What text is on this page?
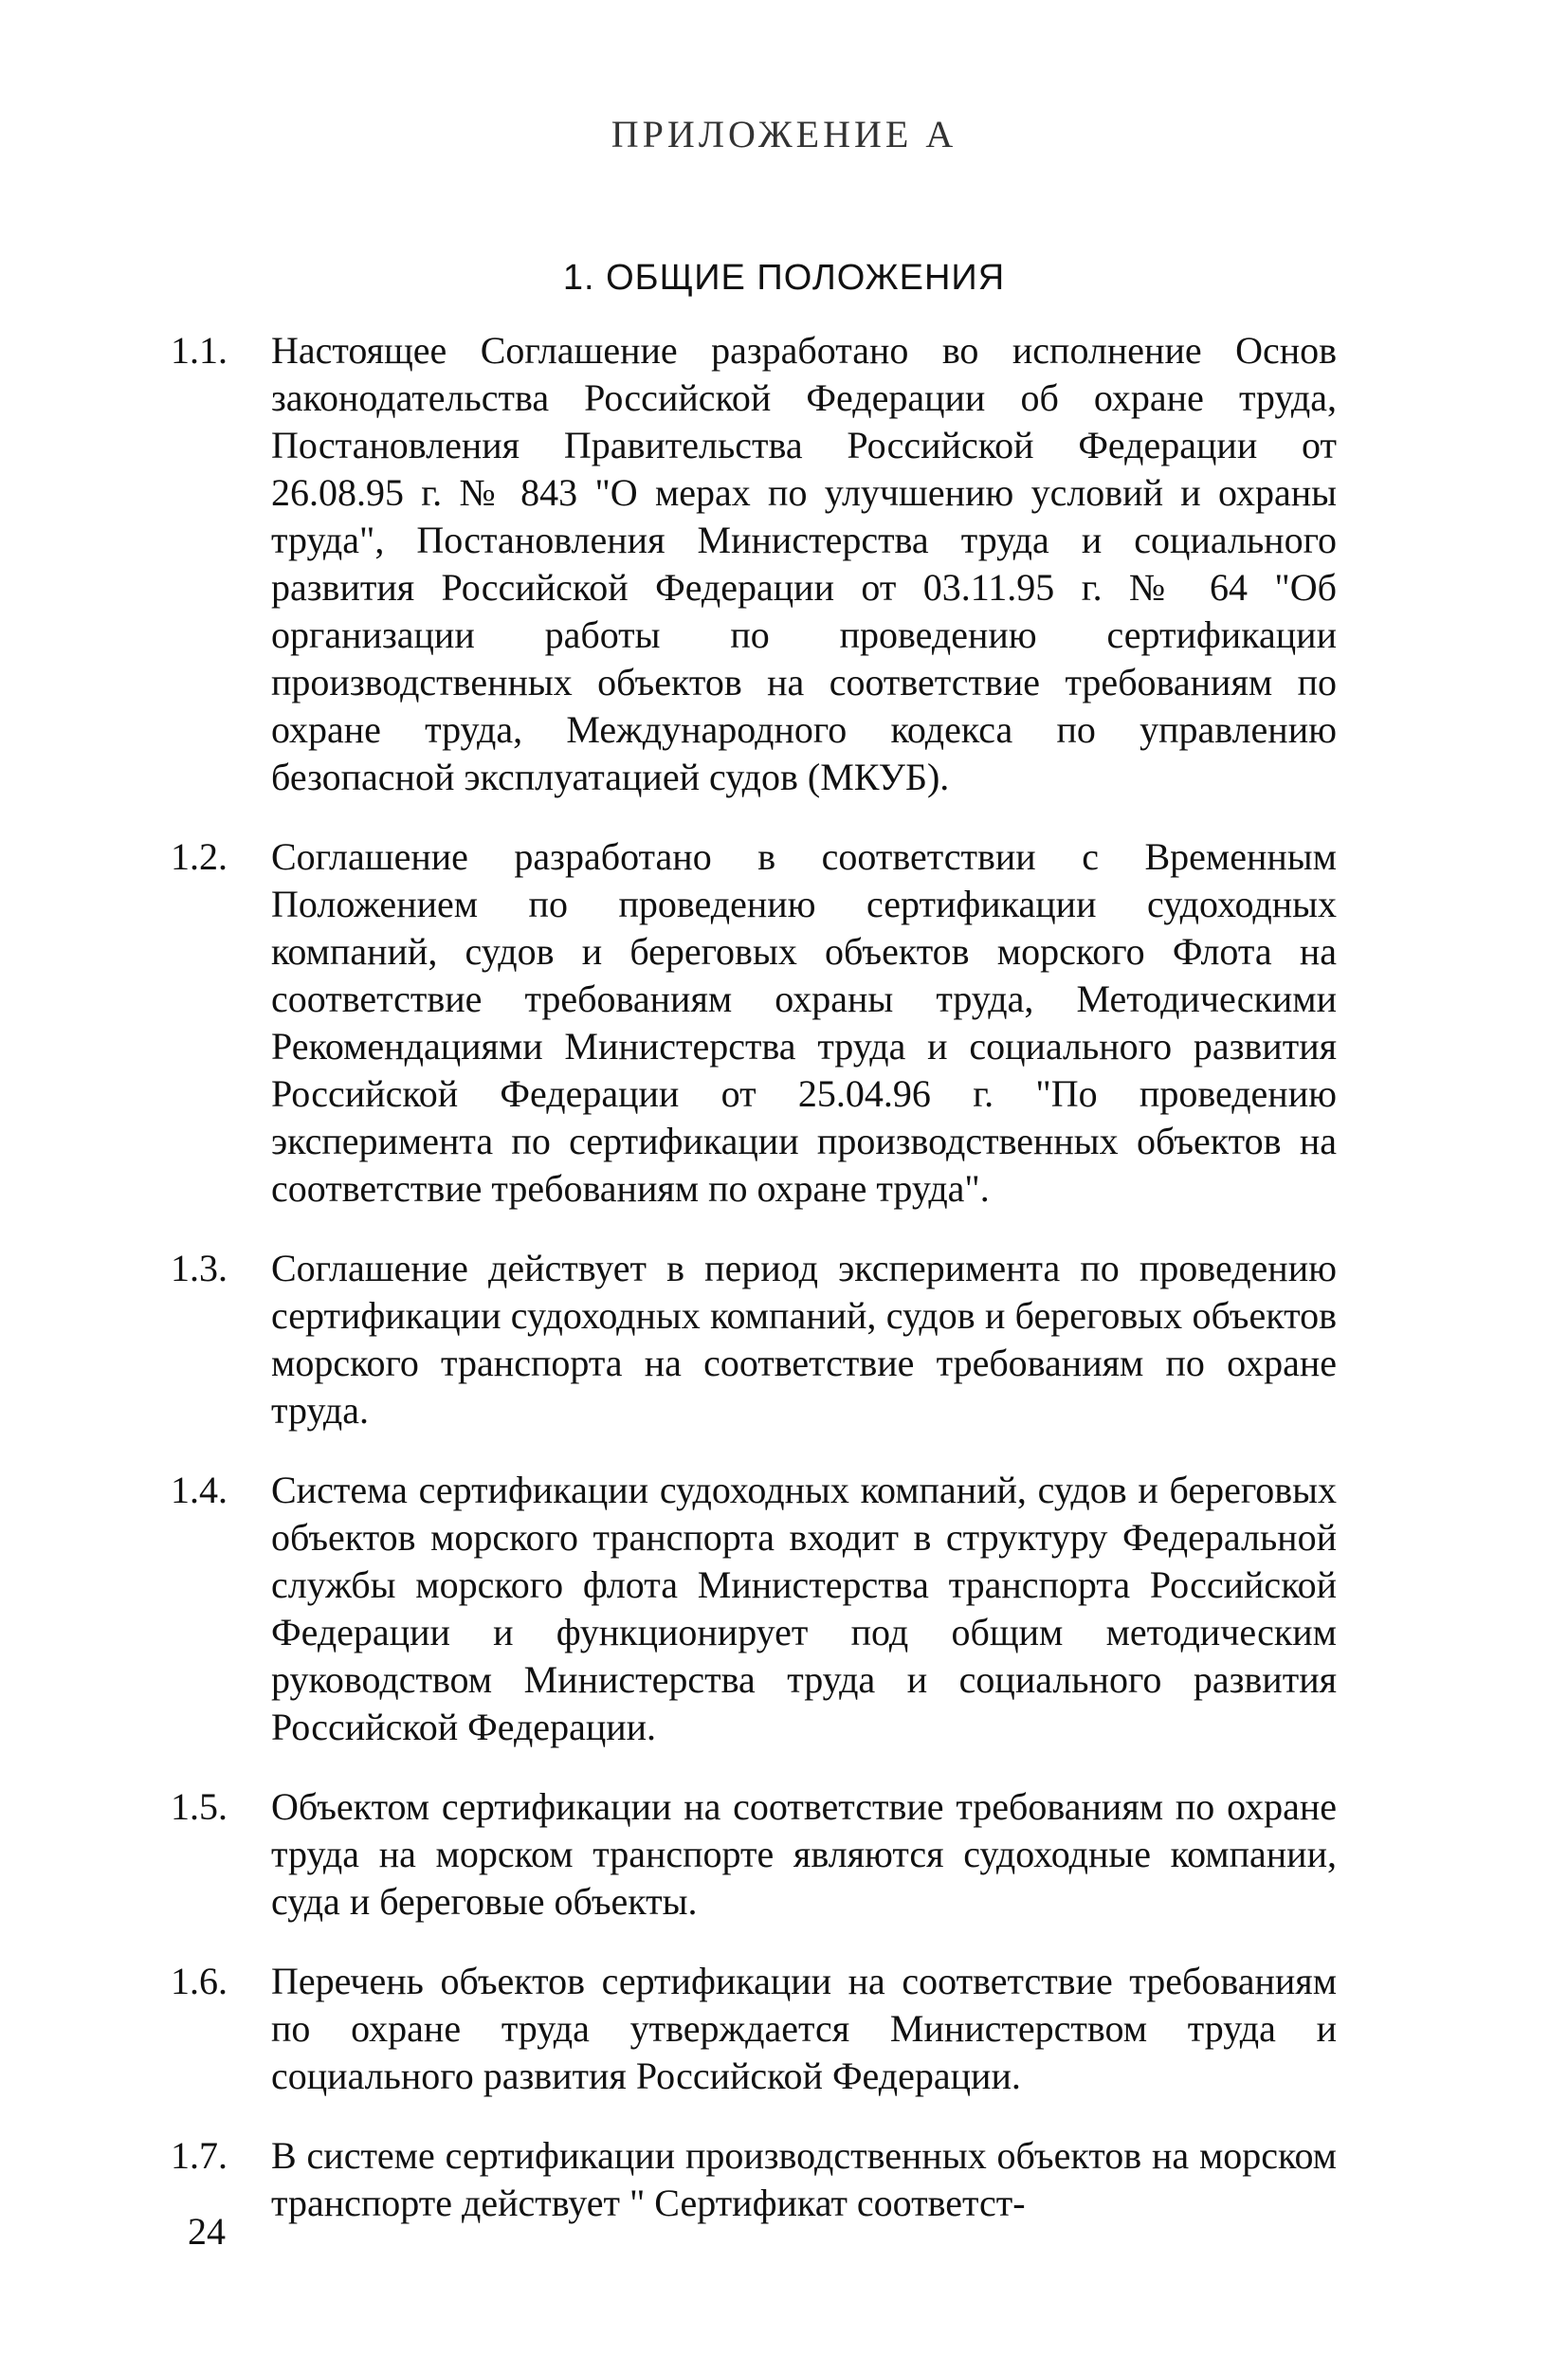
ПРИЛОЖЕНИЕ А
1. ОБЩИЕ ПОЛОЖЕНИЯ
1.1.	Настоящее Соглашение разработано во исполнение Основ законодательства Российской Федерации об охране труда, Постановления Правительства Российской Федерации от 26.08.95 г. № 843 "О мерах по улучшению условий и охраны труда", Постановления Министерства труда и социального развития Российской Федерации от 03.11.95 г. № 64 "Об организации работы по проведению сертификации производственных объектов на соответствие требованиям по охране труда, Международного кодекса по управлению безопасной эксплуатацией судов (МКУБ).
1.2.	Соглашение разработано в соответствии с Временным Положением по проведению сертификации судоходных компаний, судов и береговых объектов морского Флота на соответствие требованиям охраны труда, Методическими Рекомендациями Министерства труда и социального развития Российской Федерации от 25.04.96 г. "По проведению эксперимента по сертификации производственных объектов на соответствие требованиям по охране труда".
1.3.	Соглашение действует в период эксперимента по проведению сертификации судоходных компаний, судов и береговых объектов морского транспорта на соответствие требованиям по охране труда.
1.4.	Система сертификации судоходных компаний, судов и береговых объектов морского транспорта входит в структуру Федеральной службы морского флота Министерства транспорта Российской Федерации и функционирует под общим методическим руководством Министерства труда и социального развития Российской Федерации.
1.5.	Объектом сертификации на соответствие требованиям по охране труда на морском транспорте являются судоходные компании, суда и береговые объекты.
1.6.	Перечень объектов сертификации на соответствие требованиям по охране труда утверждается Министерством труда и социального развития Российской Федерации.
1.7.	В системе сертификации производственных объектов на морском транспорте действует " Сертификат соответст-
24
